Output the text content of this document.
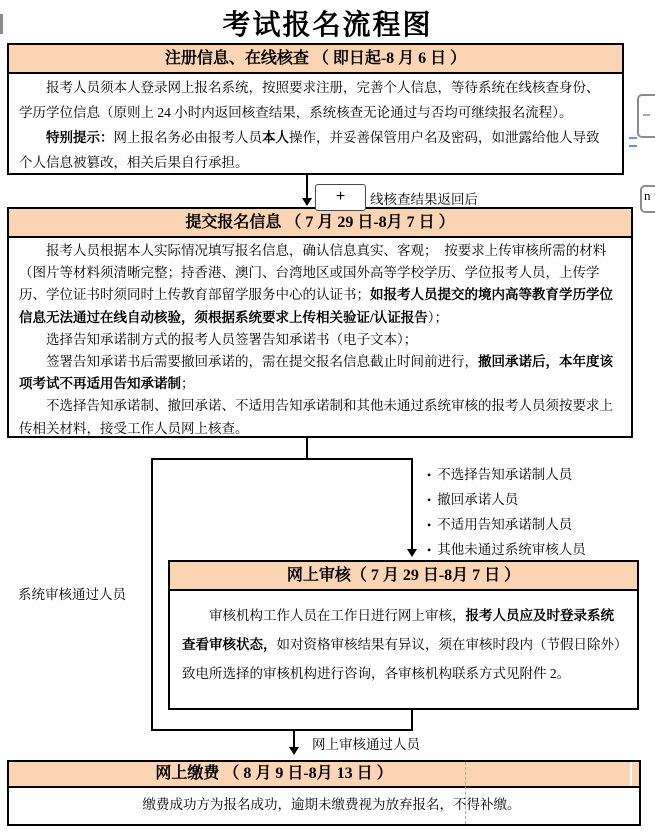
考试报名流程图
注册信息、在线核查 （ 即日起-8 月 6 日 ）

报考人员须本人登录网上报名系统，按照要求注册，完善个人信息，等待系统在线核查身份、学历学位信息（原则上 24 小时内返回核查结果，系统核查无论通过与否均可继续报名流程）。

特别提示：网上报名务必由报考人员本人操作，并妥善保管用户名及密码，如泄露给他人导致个人信息被篡改，相关后果自行承担。

+	线核查结果返回后
提交报名信息 （ 7 月 29 日-8月 7 日 ）

报考人员根据本人实际情况填写报名信息，确认信息真实、客观；　按要求上传审核所需的材料（图片等材料须清晰完整；持香港、澳门、台湾地区或国外高等学校学历、学位报考人员，上传学历、学位证书时须同时上传教育部留学服务中心的认证书；如报考人员提交的境内高等教育学历学位信息无法通过在线自动核验，须根据系统要求上传相关验证/认证报告）；

选择告知承诺制方式的报考人员签署告知承诺书（电子文本）；

签署告知承诺书后需要撤回承诺的，需在提交报名信息截止时间前进行，撤回承诺后，本年度该项考试不再适用告知承诺制；

不选择告知承诺制、撤回承诺、不适用告知承诺制和其他未通过系统审核的报考人员须按要求上传相关材料，接受工作人员网上核查。

• 不选择告知承诺制人员
• 撤回承诺人员
• 不适用告知承诺制人员
• 其他未通过系统审核人员
系统审核通过人员
网上审核（ 7 月 29 日-8月 7 日 ）

审核机构工作人员在工作日进行网上审核，报考人员应及时登录系统查看审核状态，如对资格审核结果有异议，须在审核时段内（节假日除外）致电所选择的审核机构进行咨询，各审核机构联系方式见附件 2。

网上审核通过人员
网上缴费 （ 8 月 9 日-8月 13 日 ）
缴费成功方为报名成功，逾期未缴费视为放弃报名，不得补缴。
n
